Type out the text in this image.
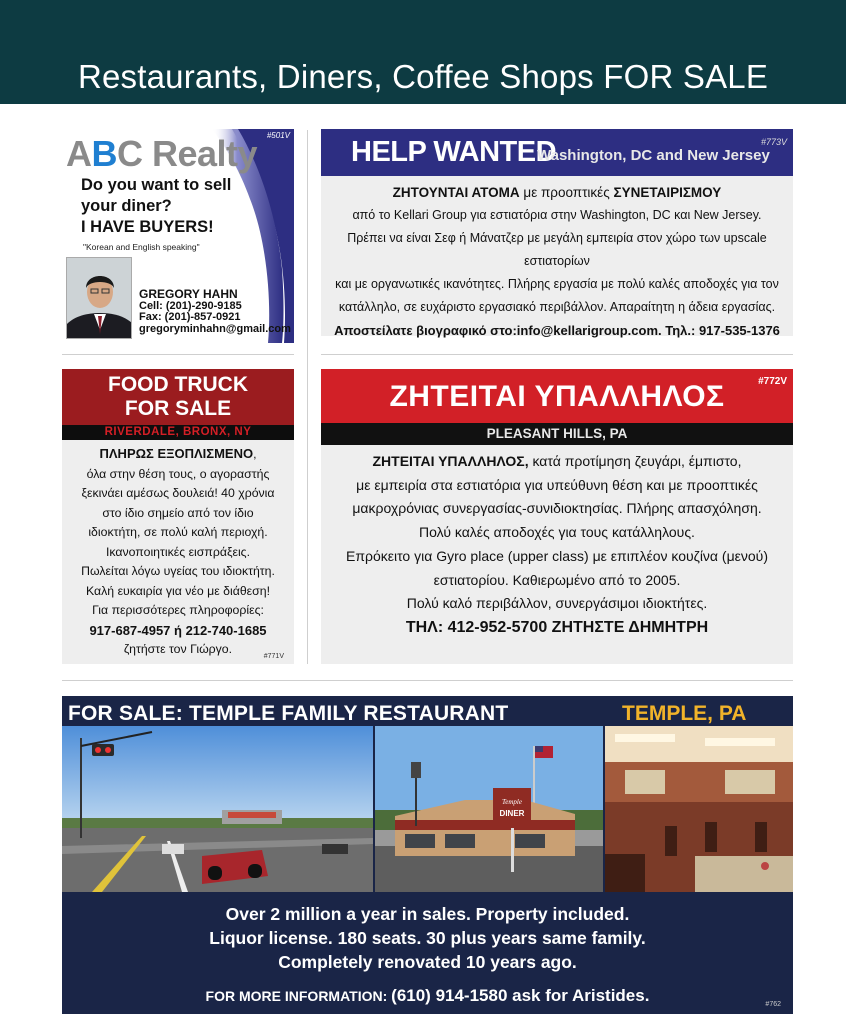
Restaurants, Diners, Coffee Shops FOR SALE
#501V
ABC Realty
Do you want to sell
your diner?
I HAVE BUYERS!
"Korean and English speaking"
GREGORY HAHN
Cell: (201)-290-9185
Fax: (201)-857-0921
gregoryminhahn@gmail.com
HELP WANTED
Washington, DC and New Jersey
#773V
ΖΗΤΟΥΝΤΑΙ ΑΤΟΜΑ με προοπτικές ΣΥΝΕΤΑΙΡΙΣΜΟΥ
από το Kellari Group για εστιατόρια στην Washington, DC και New Jersey.
Πρέπει να είναι Σεφ ή Μάνατζερ με μεγάλη εμπειρία στον χώρο των upscale εστιατορίων
και με οργανωτικές ικανότητες. Πλήρης εργασία με πολύ καλές αποδοχές για τον
κατάλληλο, σε ευχάριστο εργασιακό περιβάλλον. Απαραίτητη η άδεια εργασίας.
Αποστείλατε βιογραφικό στο:info@kellarigroup.com. Τηλ.: 917-535-1376
FOOD TRUCK
FOR SALE
RIVERDALE, BRONX, NY
ΠΛΗΡΩΣ ΕΞΟΠΛΙΣΜΕΝΟ,
όλα στην θέση τους, ο αγοραστής
ξεκινάει αμέσως δουλειά! 40 χρόνια
στο ίδιο σημείο από τον ίδιο
ιδιοκτήτη, σε πολύ καλή περιοχή.
Ικανοποιητικές εισπράξεις.
Πωλείται λόγω υγείας του ιδιοκτήτη.
Καλή ευκαιρία για νέο με διάθεση!
Για περισσότερες πληροφορίες:
917-687-4957 ή 212-740-1685
ζητήστε τον Γιώργο.
#771V
ΖΗΤΕΙΤΑΙ ΥΠΑΛΛΗΛΟΣ	#772V
PLEASANT HILLS, PA
ΖΗΤΕΙΤΑΙ ΥΠΑΛΛΗΛΟΣ, κατά προτίμηση ζευγάρι, έμπιστο,
με εμπειρία στα εστιατόρια για υπεύθυνη θέση και με προοπτικές
μακροχρόνιας συνεργασίας-συνιδιοκτησίας. Πλήρης απασχόληση.
Πολύ καλές αποδοχές για τους κατάλληλους.
Επρόκειτο για Gyro place (upper class) με επιπλέον κουζίνα (μενού)
εστιατορίου. Καθιερωμένο από το 2005.
Πολύ καλό περιβάλλον, συνεργάσιμοι ιδιοκτήτες.
ΤΗΛ: 412-952-5700 ΖΗΤΗΣΤΕ ΔΗΜΗΤΡΗ
FOR SALE: TEMPLE FAMILY RESTAURANT	TEMPLE, PA
Temple
DINER
Over 2 million a year in sales. Property included.
Liquor license. 180 seats. 30 plus years same family.
Completely renovated 10 years ago.
FOR MORE INFORMATION: (610) 914-1580 ask for Aristides.	#762
